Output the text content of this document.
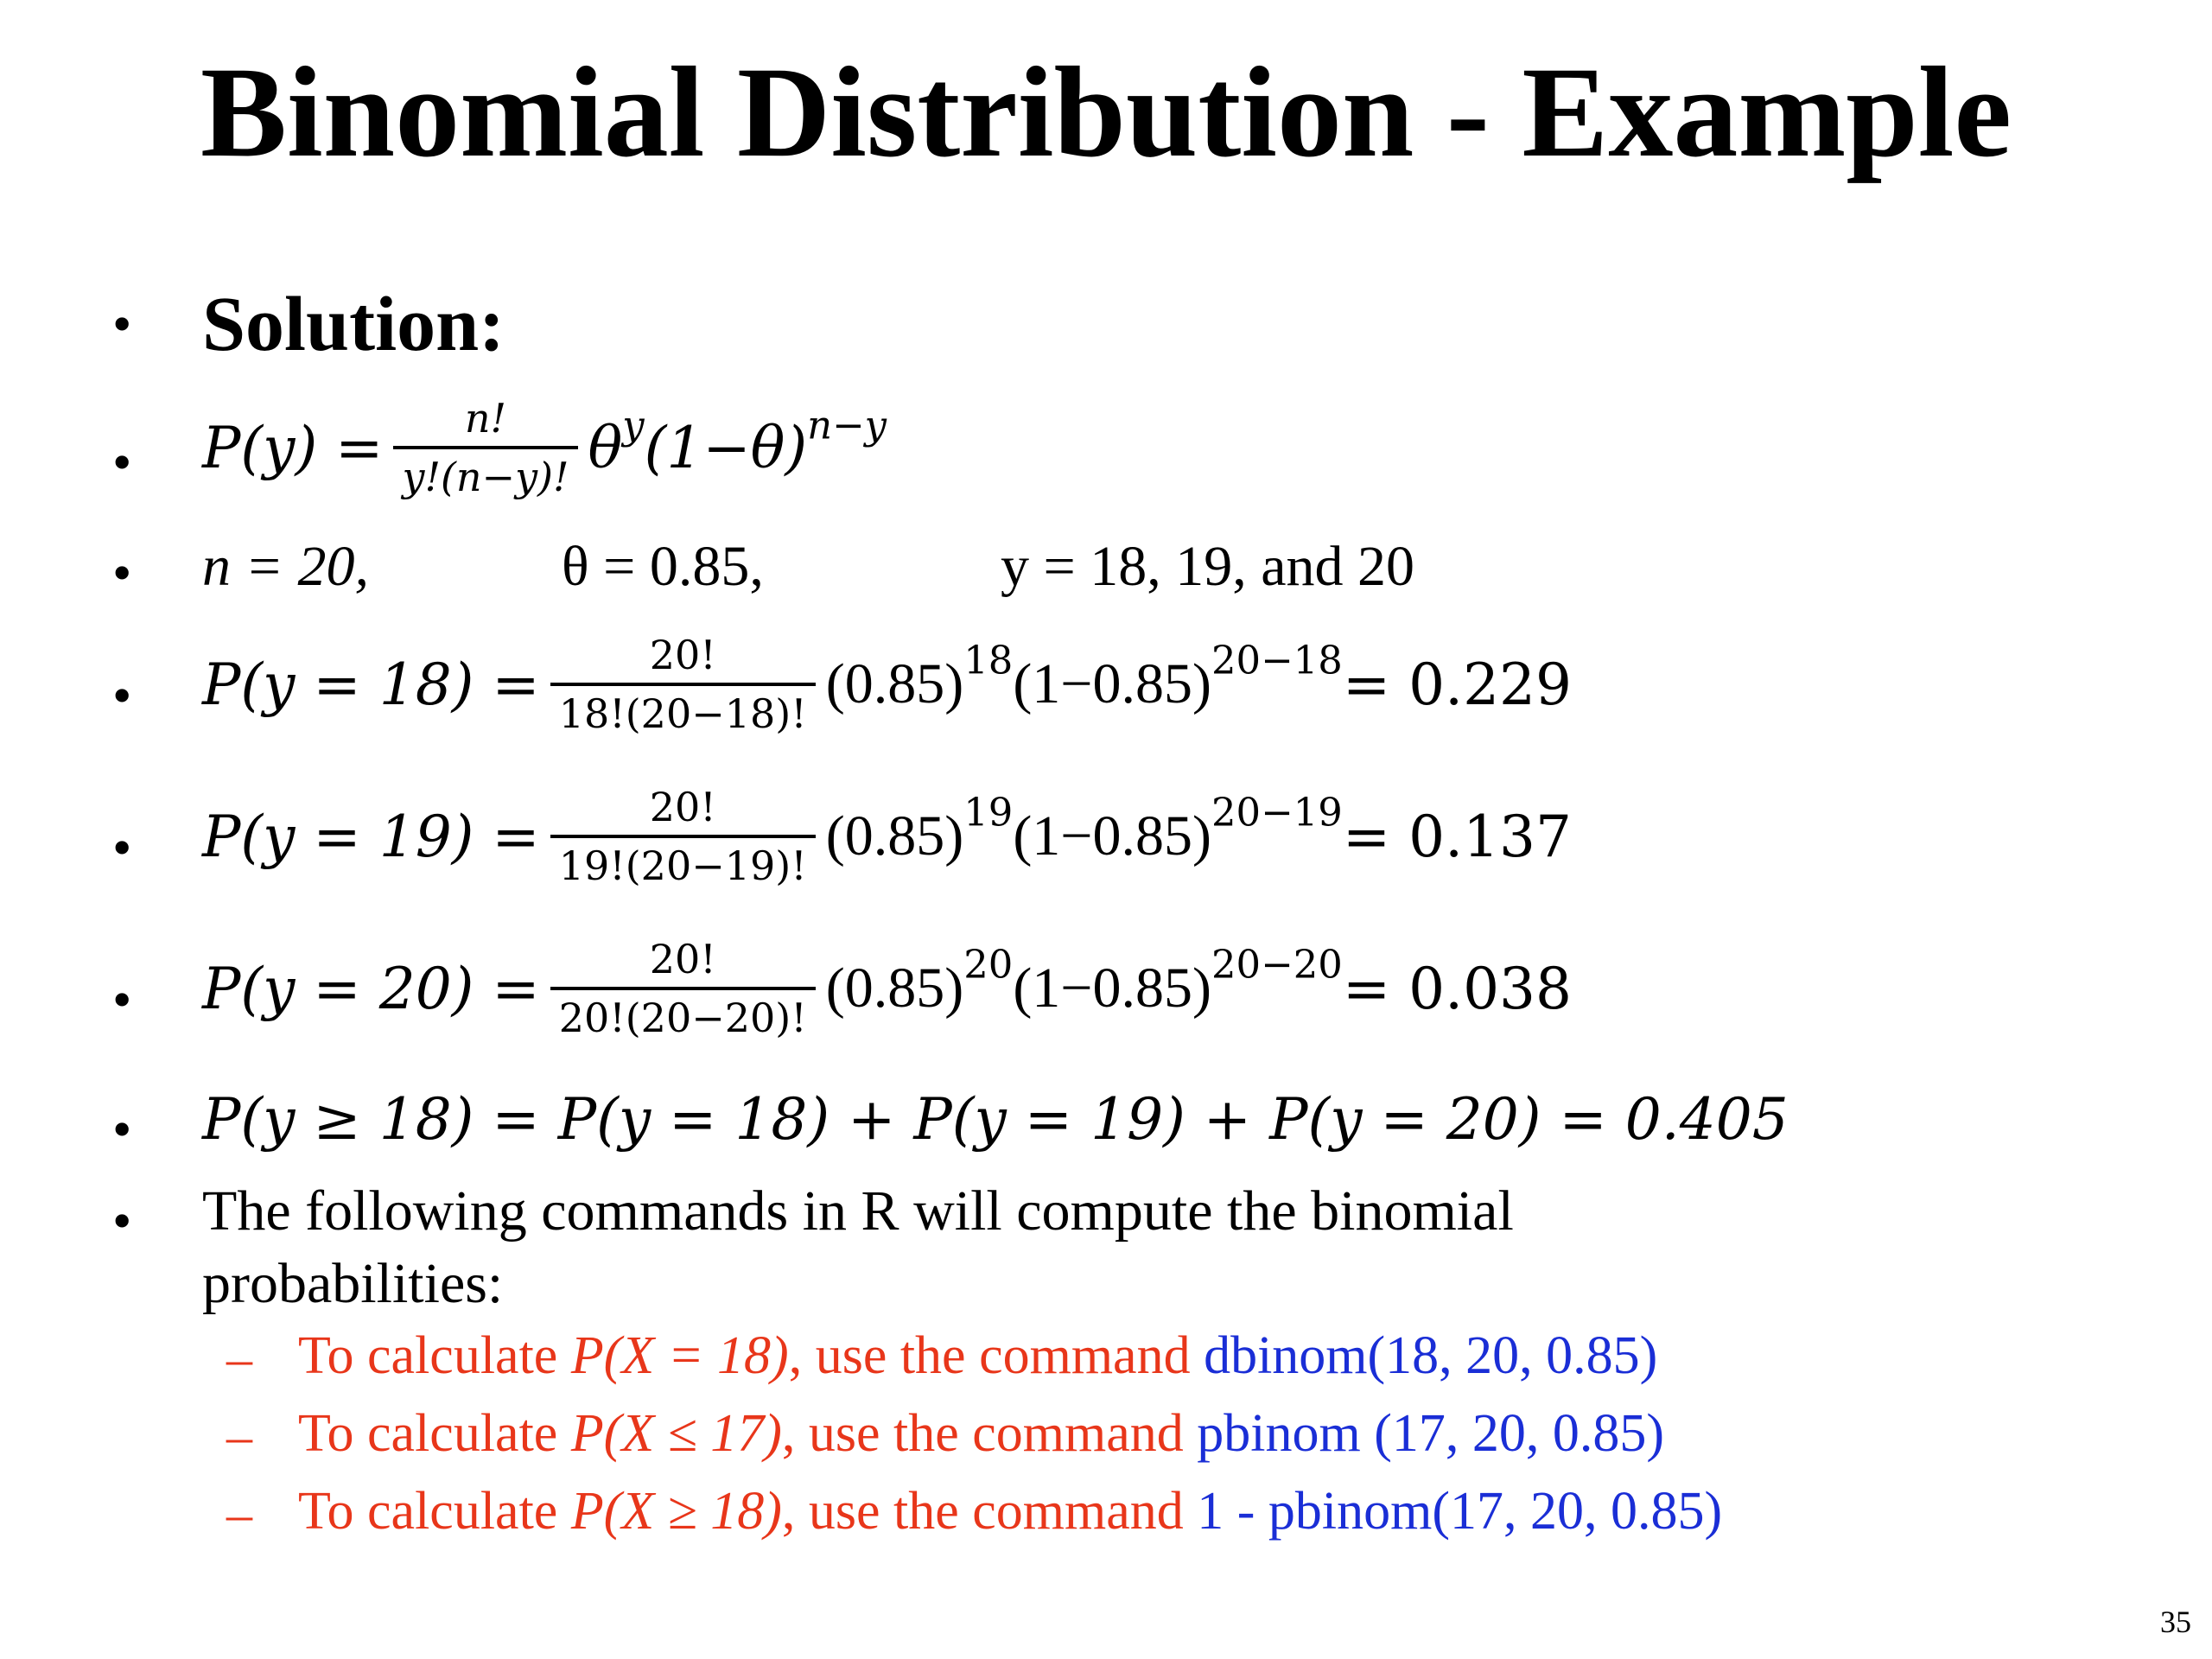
Binomial Distribution - Example
• Solution:
• $P(y) = \frac{n!}{y!(n-y)!} \theta^y$ $(1-\theta)^{n-y}$
• n = 20,	θ = 0.85,	y = 18, 19, and 20
• $P(y = 18) = \frac{20!}{18!(20-18)!} (0.85)^{18}(1-0.85)^{20-18} = 0.229$
• $P(y = 19) = \frac{20!}{19!(20-19)!} (0.85)^{19}(1-0.85)^{20-19} = 0.137$
• $P(y = 20) = \frac{20!}{20!(20-20)!} (0.85)^{20}(1-0.85)^{20-20} = 0.038$
• P(y ≥ 18) = P(y = 18) + P(y = 19) + P(y = 20) = 0.405
• The following commands in R will compute the binomial
probabilities:
– To calculate P(X = 18), use the command dbinom(18, 20, 0.85)
– To calculate P(X ≤ 17), use the command pbinom (17, 20, 0.85)
– To calculate P(X ≥ 18), use the command 1 - pbinom(17, 20, 0.85)
35
